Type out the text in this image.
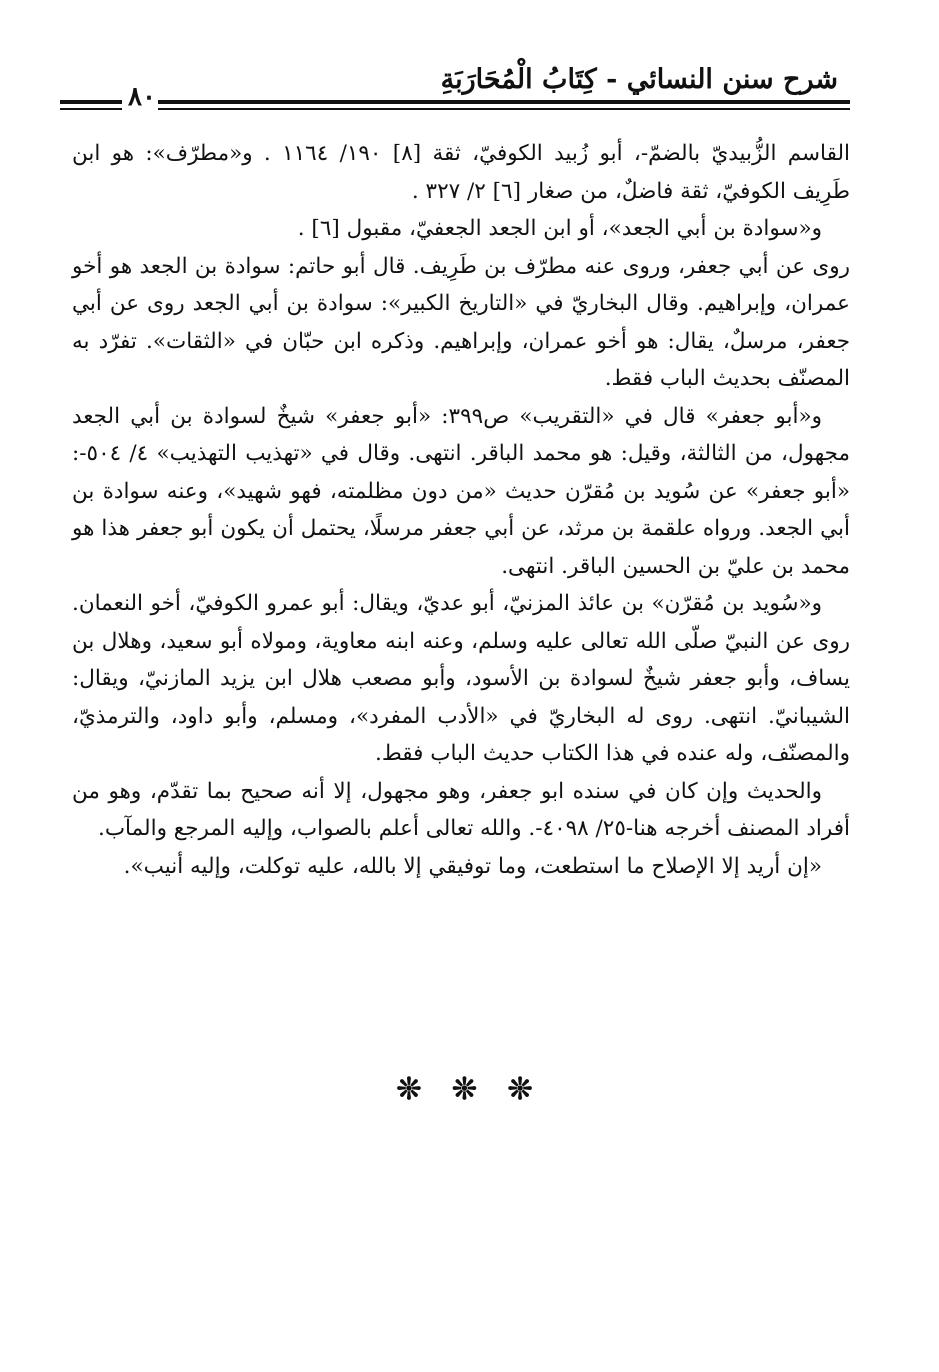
شرح سنن النسائي - كِتَابُ الْمُحَارَبَةِ
٨٠

القاسم الزُّبيديّ بالضمّ-، أبو زُبيد الكوفيّ، ثقة [٨] ١٩٠/ ١١٦٤ . و«مطرّف»: هو ابن طَرِيف الكوفيّ، ثقة فاضلٌ، من صغار [٦] ٢/ ٣٢٧ .

و«سوادة بن أبي الجعد»، أو ابن الجعد الجعفيّ، مقبول [٦] .

روى عن أبي جعفر، وروى عنه مطرّف بن طَرِيف. قال أبو حاتم: سوادة بن الجعد هو أخو عمران، وإبراهيم. وقال البخاريّ في «التاريخ الكبير»: سوادة بن أبي الجعد روى عن أبي جعفر، مرسلٌ، يقال: هو أخو عمران، وإبراهيم. وذكره ابن حبّان في «الثقات». تفرّد به المصنّف بحديث الباب فقط.

و«أبو جعفر» قال في «التقريب» ص٣٩٩: «أبو جعفر» شيخٌ لسوادة بن أبي الجعد مجهول، من الثالثة، وقيل: هو محمد الباقر. انتهى. وقال في «تهذيب التهذيب» ٤/ ٥٠٤-: «أبو جعفر» عن سُويد بن مُقرّن حديث «من دون مظلمته، فهو شهيد»، وعنه سوادة بن أبي الجعد. ورواه علقمة بن مرثد، عن أبي جعفر مرسلًا، يحتمل أن يكون أبو جعفر هذا هو محمد بن عليّ بن الحسين الباقر. انتهى.

و«سُويد بن مُقرّن» بن عائذ المزنيّ، أبو عديّ، ويقال: أبو عمرو الكوفيّ، أخو النعمان. روى عن النبيّ صلّى الله تعالى عليه وسلم، وعنه ابنه معاوية، ومولاه أبو سعيد، وهلال بن يساف، وأبو جعفر شيخٌ لسوادة بن الأسود، وأبو مصعب هلال ابن يزيد المازنيّ، ويقال: الشيبانيّ. انتهى. روى له البخاريّ في «الأدب المفرد»، ومسلم، وأبو داود، والترمذيّ، والمصنّف، وله عنده في هذا الكتاب حديث الباب فقط.

والحديث وإن كان في سنده ابو جعفر، وهو مجهول، إلا أنه صحيح بما تقدّم، وهو من أفراد المصنف أخرجه هنا-٢٥/ ٤٠٩٨-. والله تعالى أعلم بالصواب، وإليه المرجع والمآب.

«إن أريد إلا الإصلاح ما استطعت، وما توفيقي إلا بالله، عليه توكلت، وإليه أنيب».

❊ ❊ ❊
